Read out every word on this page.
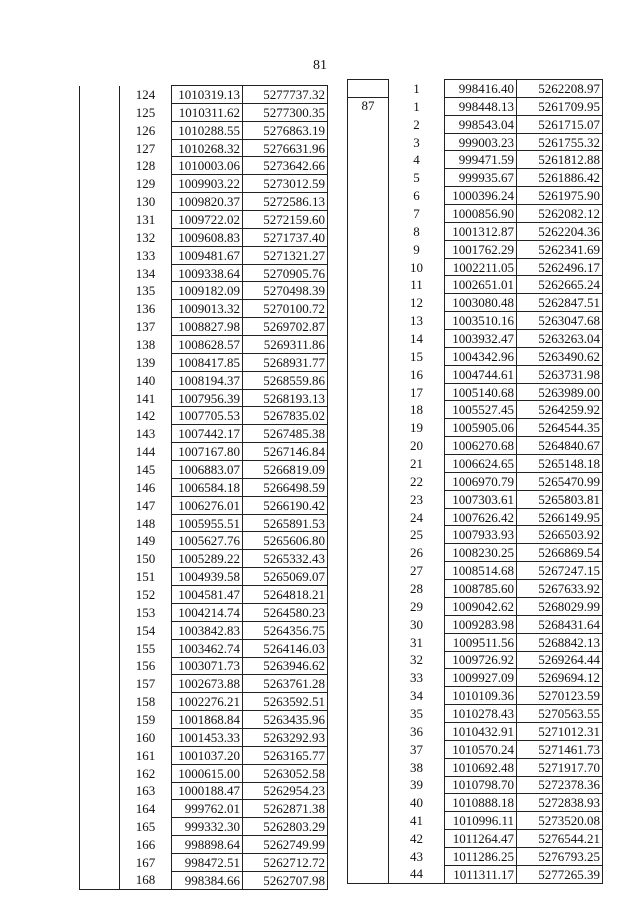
81
	124	1010319.13	5277737.32
	125	1010311.62	5277300.35
	126	1010288.55	5276863.19
	127	1010268.32	5276631.96
	128	1010003.06	5273642.66
	129	1009903.22	5273012.59
	130	1009820.37	5272586.13
	131	1009722.02	5272159.60
	132	1009608.83	5271737.40
	133	1009481.67	5271321.27
	134	1009338.64	5270905.76
	135	1009182.09	5270498.39
	136	1009013.32	5270100.72
	137	1008827.98	5269702.87
	138	1008628.57	5269311.86
	139	1008417.85	5268931.77
	140	1008194.37	5268559.86
	141	1007956.39	5268193.13
	142	1007705.53	5267835.02
	143	1007442.17	5267485.38
	144	1007167.80	5267146.84
	145	1006883.07	5266819.09
	146	1006584.18	5266498.59
	147	1006276.01	5266190.42
	148	1005955.51	5265891.53
	149	1005627.76	5265606.80
	150	1005289.22	5265332.43
	151	1004939.58	5265069.07
	152	1004581.47	5264818.21
	153	1004214.74	5264580.23
	154	1003842.83	5264356.75
	155	1003462.74	5264146.03
	156	1003071.73	5263946.62
	157	1002673.88	5263761.28
	158	1002276.21	5263592.51
	159	1001868.84	5263435.96
	160	1001453.33	5263292.93
	161	1001037.20	5263165.77
	162	1000615.00	5263052.58
	163	1000188.47	5262954.23
	164	999762.01	5262871.38
	165	999332.30	5262803.29
	166	998898.64	5262749.99
	167	998472.51	5262712.72
	168	998384.66	5262707.98
	1	998416.40	5262208.97
87	1	998448.13	5261709.95
	2	998543.04	5261715.07
	3	999003.23	5261755.32
	4	999471.59	5261812.88
	5	999935.67	5261886.42
	6	1000396.24	5261975.90
	7	1000856.90	5262082.12
	8	1001312.87	5262204.36
	9	1001762.29	5262341.69
	10	1002211.05	5262496.17
	11	1002651.01	5262665.24
	12	1003080.48	5262847.51
	13	1003510.16	5263047.68
	14	1003932.47	5263263.04
	15	1004342.96	5263490.62
	16	1004744.61	5263731.98
	17	1005140.68	5263989.00
	18	1005527.45	5264259.92
	19	1005905.06	5264544.35
	20	1006270.68	5264840.67
	21	1006624.65	5265148.18
	22	1006970.79	5265470.99
	23	1007303.61	5265803.81
	24	1007626.42	5266149.95
	25	1007933.93	5266503.92
	26	1008230.25	5266869.54
	27	1008514.68	5267247.15
	28	1008785.60	5267633.92
	29	1009042.62	5268029.99
	30	1009283.98	5268431.64
	31	1009511.56	5268842.13
	32	1009726.92	5269264.44
	33	1009927.09	5269694.12
	34	1010109.36	5270123.59
	35	1010278.43	5270563.55
	36	1010432.91	5271012.31
	37	1010570.24	5271461.73
	38	1010692.48	5271917.70
	39	1010798.70	5272378.36
	40	1010888.18	5272838.93
	41	1010996.11	5273520.08
	42	1011264.47	5276544.21
	43	1011286.25	5276793.25
	44	1011311.17	5277265.39
